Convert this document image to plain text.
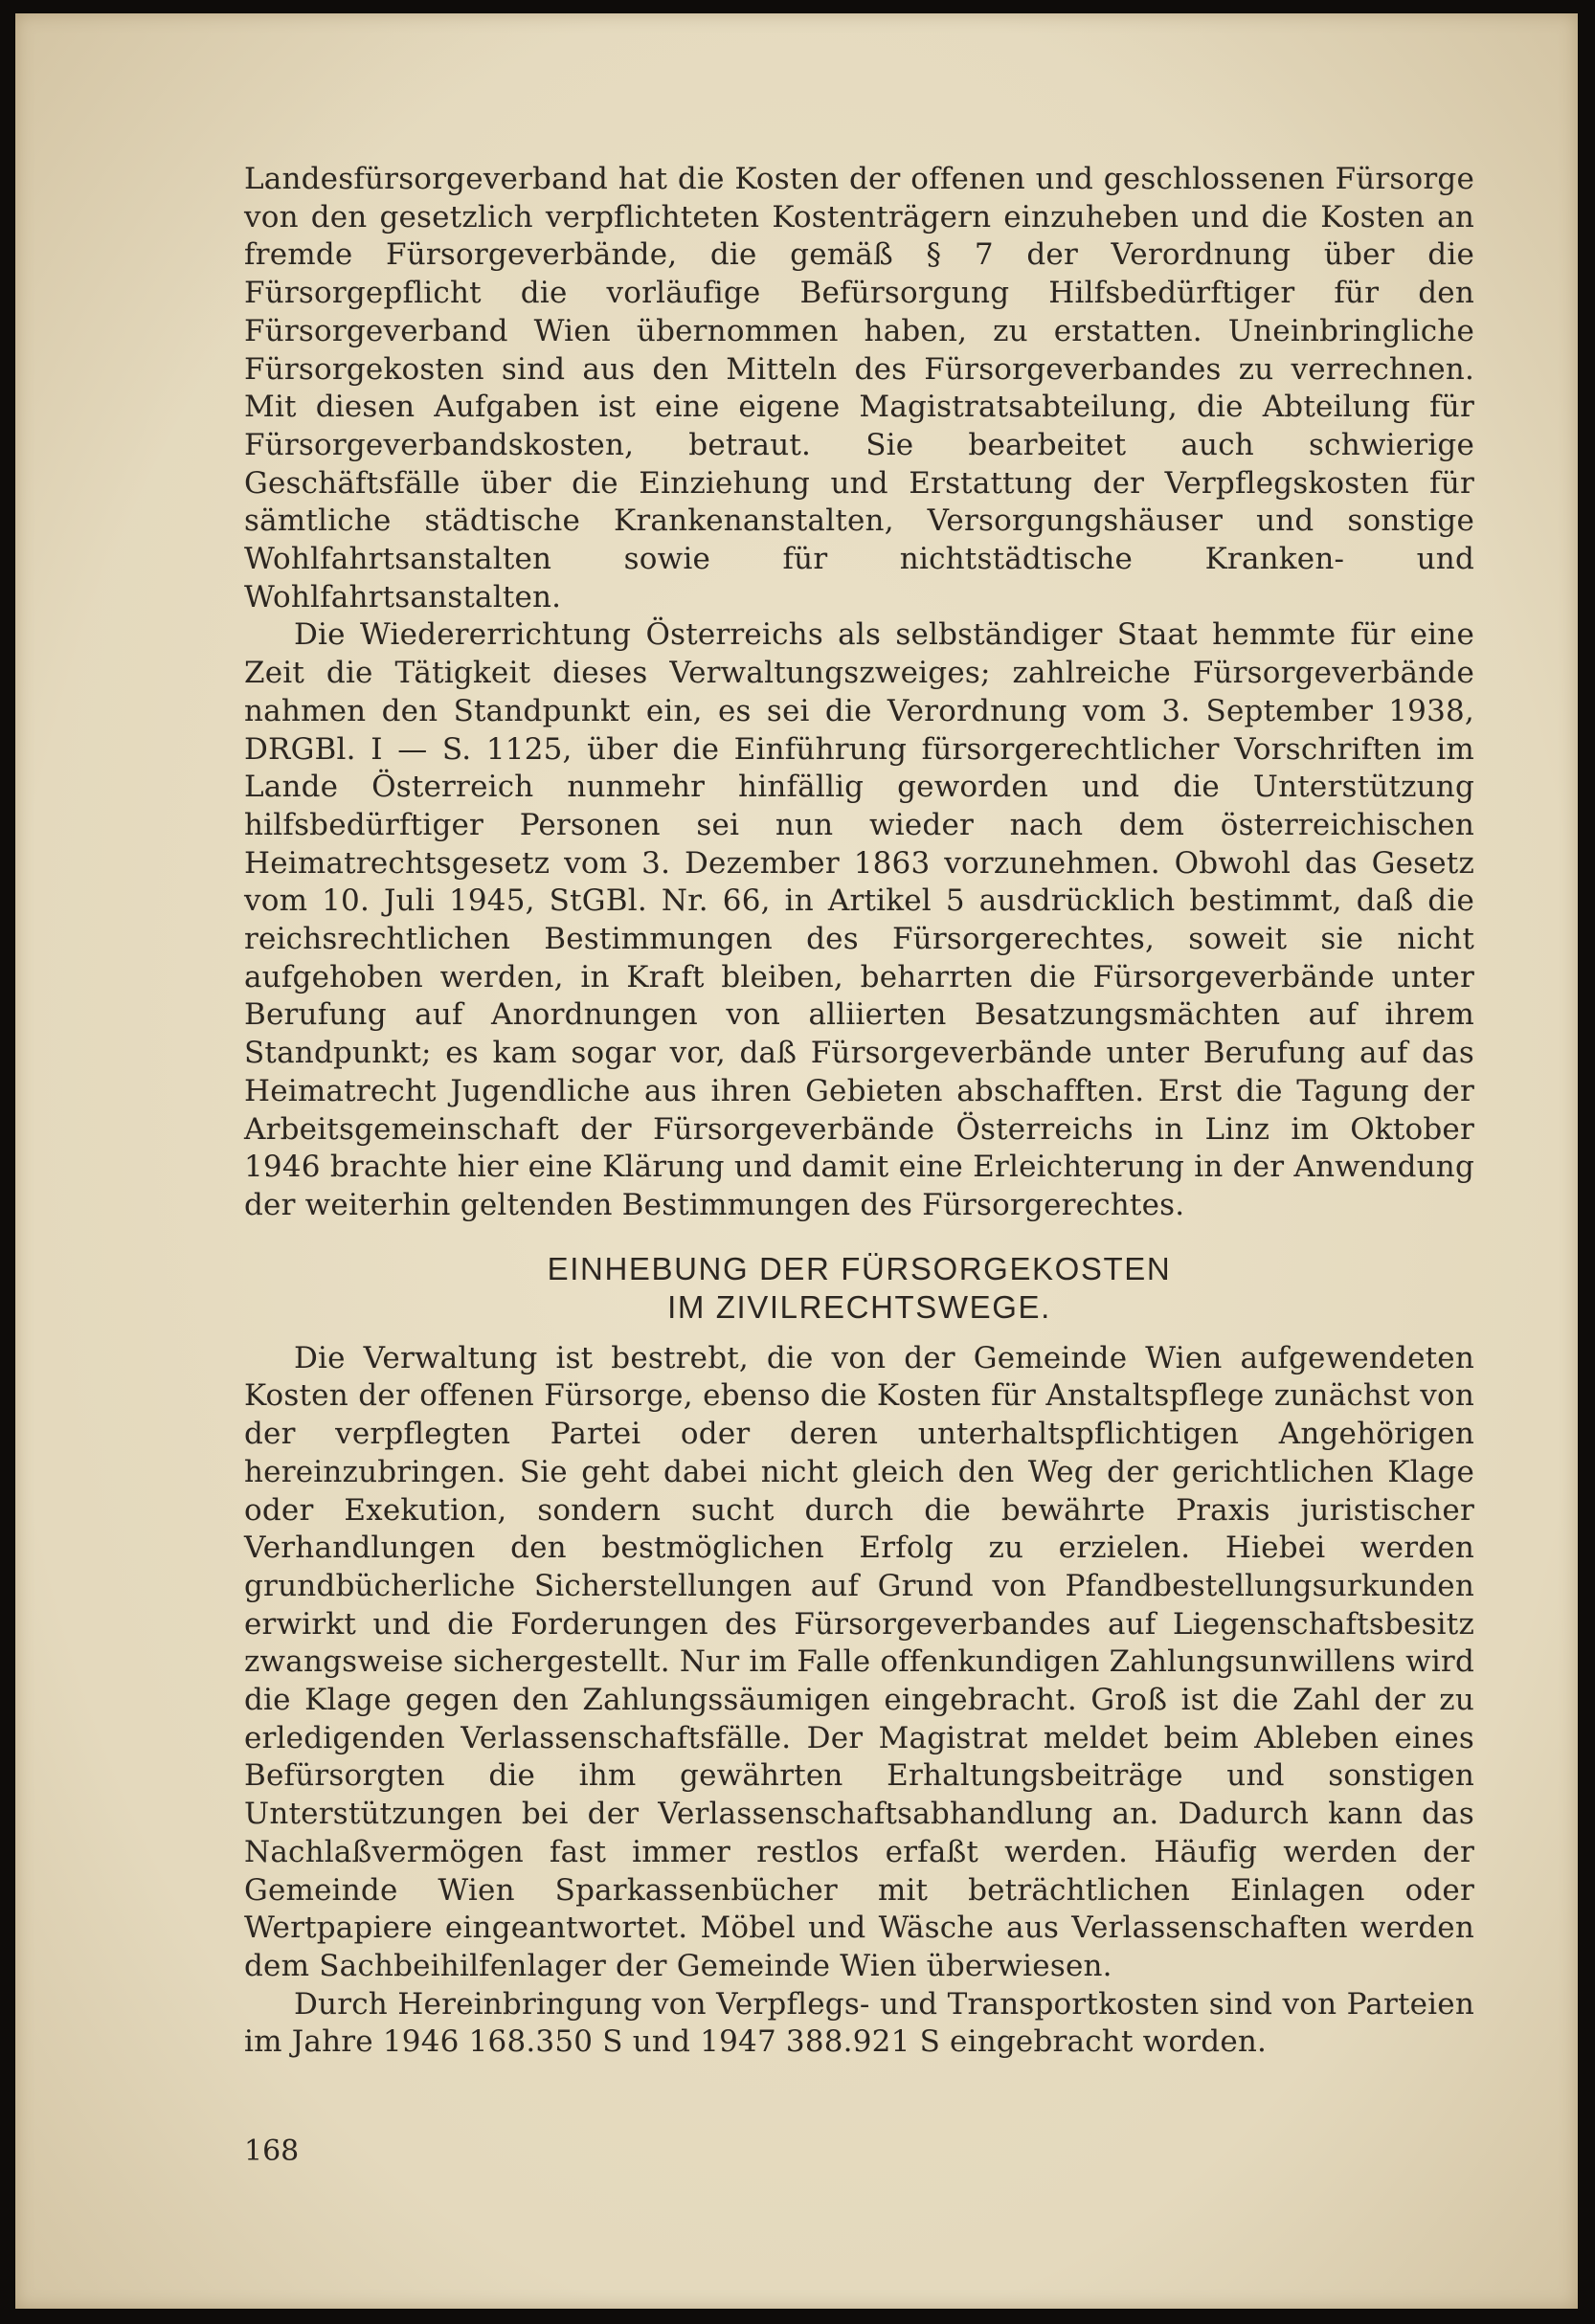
Landesfürsorgeverband hat die Kosten der offenen und geschlossenen Fürsorge von den gesetzlich verpflichteten Kostenträgern einzuheben und die Kosten an fremde Fürsorgeverbände, die gemäß § 7 der Verordnung über die Fürsorgepflicht die vorläufige Befürsorgung Hilfsbedürftiger für den Fürsorgeverband Wien übernommen haben, zu erstatten. Uneinbringliche Fürsorgekosten sind aus den Mitteln des Fürsorgeverbandes zu verrechnen. Mit diesen Aufgaben ist eine eigene Magistratsabteilung, die Abteilung für Fürsorgeverbandskosten, betraut. Sie bearbeitet auch schwierige Geschäftsfälle über die Einziehung und Erstattung der Verpflegskosten für sämtliche städtische Krankenanstalten, Versorgungshäuser und sonstige Wohlfahrtsanstalten sowie für nichtstädtische Kranken- und Wohlfahrtsanstalten.

Die Wiedererrichtung Österreichs als selbständiger Staat hemmte für eine Zeit die Tätigkeit dieses Verwaltungszweiges; zahlreiche Fürsorgeverbände nahmen den Standpunkt ein, es sei die Verordnung vom 3. September 1938, DRGBl. I — S. 1125, über die Einführung fürsorgerechtlicher Vorschriften im Lande Österreich nunmehr hinfällig geworden und die Unterstützung hilfsbedürftiger Personen sei nun wieder nach dem österreichischen Heimatrechtsgesetz vom 3. Dezember 1863 vorzunehmen. Obwohl das Gesetz vom 10. Juli 1945, StGBl. Nr. 66, in Artikel 5 ausdrücklich bestimmt, daß die reichsrechtlichen Bestimmungen des Fürsorgerechtes, soweit sie nicht aufgehoben werden, in Kraft bleiben, beharrten die Fürsorgeverbände unter Berufung auf Anordnungen von alliierten Besatzungsmächten auf ihrem Standpunkt; es kam sogar vor, daß Fürsorgeverbände unter Berufung auf das Heimatrecht Jugendliche aus ihren Gebieten abschafften. Erst die Tagung der Arbeitsgemeinschaft der Fürsorgeverbände Österreichs in Linz im Oktober 1946 brachte hier eine Klärung und damit eine Erleichterung in der Anwendung der weiterhin geltenden Bestimmungen des Fürsorgerechtes.

EINHEBUNG DER FÜRSORGEKOSTEN
IM ZIVILRECHTSWEGE.

Die Verwaltung ist bestrebt, die von der Gemeinde Wien aufgewendeten Kosten der offenen Fürsorge, ebenso die Kosten für Anstaltspflege zunächst von der verpflegten Partei oder deren unterhaltspflichtigen Angehörigen hereinzubringen. Sie geht dabei nicht gleich den Weg der gerichtlichen Klage oder Exekution, sondern sucht durch die bewährte Praxis juristischer Verhandlungen den bestmöglichen Erfolg zu erzielen. Hiebei werden grundbücherliche Sicherstellungen auf Grund von Pfandbestellungsurkunden erwirkt und die Forderungen des Fürsorgeverbandes auf Liegenschaftsbesitz zwangsweise sichergestellt. Nur im Falle offenkundigen Zahlungsunwillens wird die Klage gegen den Zahlungssäumigen eingebracht. Groß ist die Zahl der zu erledigenden Verlassenschaftsfälle. Der Magistrat meldet beim Ableben eines Befürsorgten die ihm gewährten Erhaltungsbeiträge und sonstigen Unterstützungen bei der Verlassenschaftsabhandlung an. Dadurch kann das Nachlaßvermögen fast immer restlos erfaßt werden. Häufig werden der Gemeinde Wien Sparkassenbücher mit beträchtlichen Einlagen oder Wertpapiere eingeantwortet. Möbel und Wäsche aus Verlassenschaften werden dem Sachbeihilfenlager der Gemeinde Wien überwiesen.

Durch Hereinbringung von Verpflegs- und Transportkosten sind von Parteien im Jahre 1946 168.350 S und 1947 388.921 S eingebracht worden.

168
